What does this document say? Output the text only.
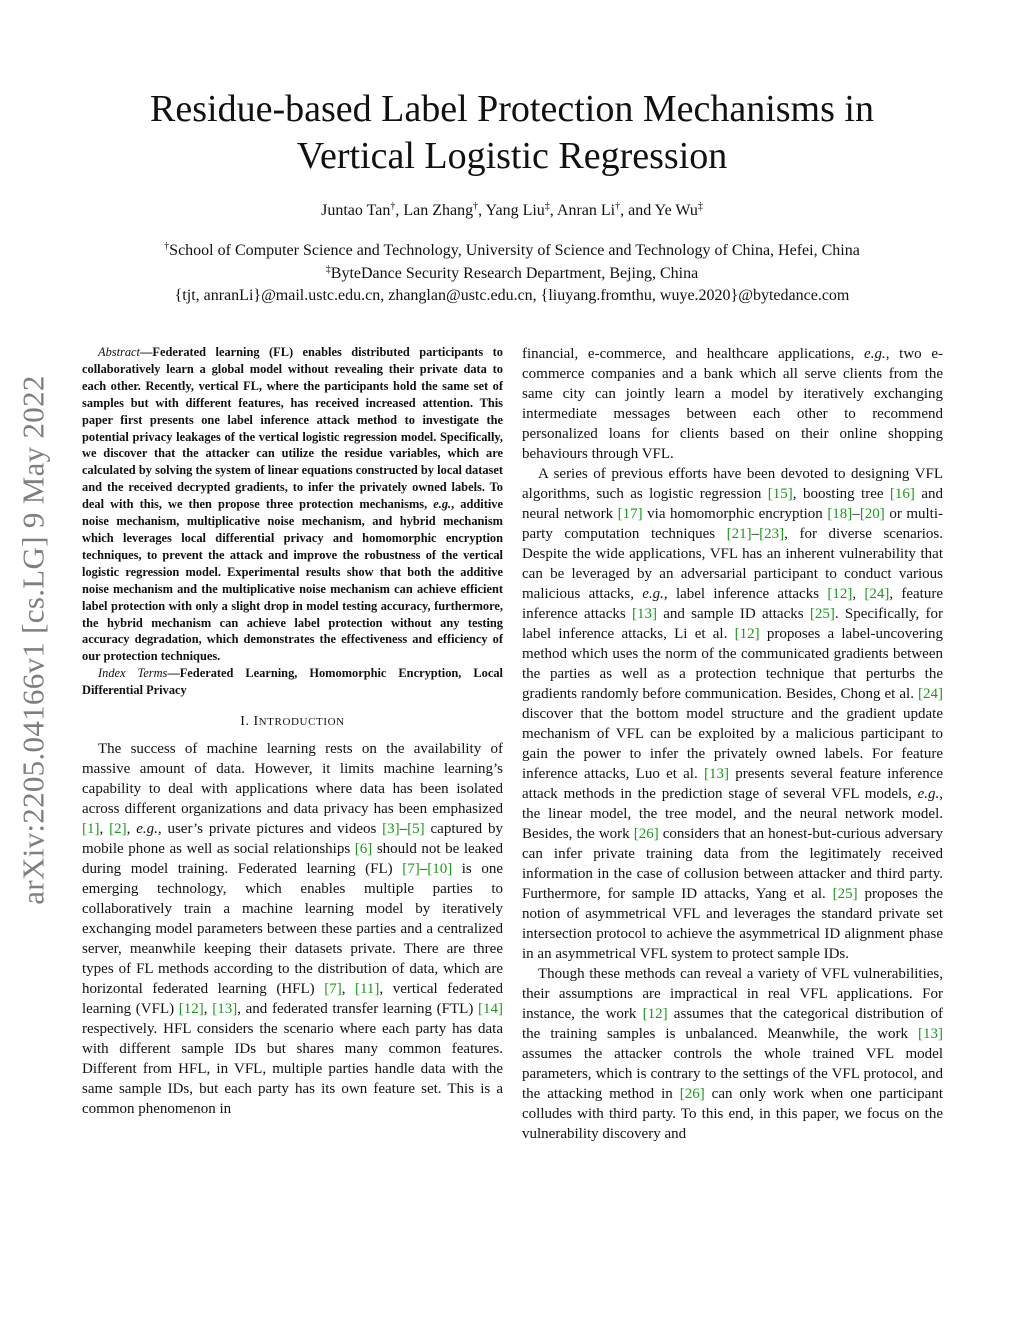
arXiv:2205.04166v1 [cs.LG] 9 May 2022
Residue-based Label Protection Mechanisms in Vertical Logistic Regression
Juntao Tan†, Lan Zhang†, Yang Liu‡, Anran Li†, and Ye Wu‡
†School of Computer Science and Technology, University of Science and Technology of China, Hefei, China
‡ByteDance Security Research Department, Bejing, China
{tjt, anranLi}@mail.ustc.edu.cn, zhanglan@ustc.edu.cn, {liuyang.fromthu, wuye.2020}@bytedance.com

Abstract—Federated learning (FL) enables distributed participants to collaboratively learn a global model without revealing their private data to each other. Recently, vertical FL, where the participants hold the same set of samples but with different features, has received increased attention. This paper first presents one label inference attack method to investigate the potential privacy leakages of the vertical logistic regression model. Specifically, we discover that the attacker can utilize the residue variables, which are calculated by solving the system of linear equations constructed by local dataset and the received decrypted gradients, to infer the privately owned labels. To deal with this, we then propose three protection mechanisms, e.g., additive noise mechanism, multiplicative noise mechanism, and hybrid mechanism which leverages local differential privacy and homomorphic encryption techniques, to prevent the attack and improve the robustness of the vertical logistic regression model. Experimental results show that both the additive noise mechanism and the multiplicative noise mechanism can achieve efficient label protection with only a slight drop in model testing accuracy, furthermore, the hybrid mechanism can achieve label protection without any testing accuracy degradation, which demonstrates the effectiveness and efficiency of our protection techniques.

Index Terms—Federated Learning, Homomorphic Encryption, Local Differential Privacy

I. INTRODUCTION

The success of machine learning rests on the availability of massive amount of data. However, it limits machine learning’s capability to deal with applications where data has been isolated across different organizations and data privacy has been emphasized [1], [2], e.g., user’s private pictures and videos [3]–[5] captured by mobile phone as well as social relationships [6] should not be leaked during model training. Federated learning (FL) [7]–[10] is one emerging technology, which enables multiple parties to collaboratively train a machine learning model by iteratively exchanging model parameters between these parties and a centralized server, meanwhile keeping their datasets private. There are three types of FL methods according to the distribution of data, which are horizontal federated learning (HFL) [7], [11], vertical federated learning (VFL) [12], [13], and federated transfer learning (FTL) [14] respectively. HFL considers the scenario where each party has data with different sample IDs but shares many common features. Different from HFL, in VFL, multiple parties handle data with the same sample IDs, but each party has its own feature set. This is a common phenomenon in

financial, e-commerce, and healthcare applications, e.g., two e-commerce companies and a bank which all serve clients from the same city can jointly learn a model by iteratively exchanging intermediate messages between each other to recommend personalized loans for clients based on their online shopping behaviours through VFL.

A series of previous efforts have been devoted to designing VFL algorithms, such as logistic regression [15], boosting tree [16] and neural network [17] via homomorphic encryption [18]–[20] or multi-party computation techniques [21]–[23], for diverse scenarios. Despite the wide applications, VFL has an inherent vulnerability that can be leveraged by an adversarial participant to conduct various malicious attacks, e.g., label inference attacks [12], [24], feature inference attacks [13] and sample ID attacks [25]. Specifically, for label inference attacks, Li et al. [12] proposes a label-uncovering method which uses the norm of the communicated gradients between the parties as well as a protection technique that perturbs the gradients randomly before communication. Besides, Chong et al. [24] discover that the bottom model structure and the gradient update mechanism of VFL can be exploited by a malicious participant to gain the power to infer the privately owned labels. For feature inference attacks, Luo et al. [13] presents several feature inference attack methods in the prediction stage of several VFL models, e.g., the linear model, the tree model, and the neural network model. Besides, the work [26] considers that an honest-but-curious adversary can infer private training data from the legitimately received information in the case of collusion between attacker and third party. Furthermore, for sample ID attacks, Yang et al. [25] proposes the notion of asymmetrical VFL and leverages the standard private set intersection protocol to achieve the asymmetrical ID alignment phase in an asymmetrical VFL system to protect sample IDs.

Though these methods can reveal a variety of VFL vulnerabilities, their assumptions are impractical in real VFL applications. For instance, the work [12] assumes that the categorical distribution of the training samples is unbalanced. Meanwhile, the work [13] assumes the attacker controls the whole trained VFL model parameters, which is contrary to the settings of the VFL protocol, and the attacking method in [26] can only work when one participant colludes with third party. To this end, in this paper, we focus on the vulnerability discovery and
